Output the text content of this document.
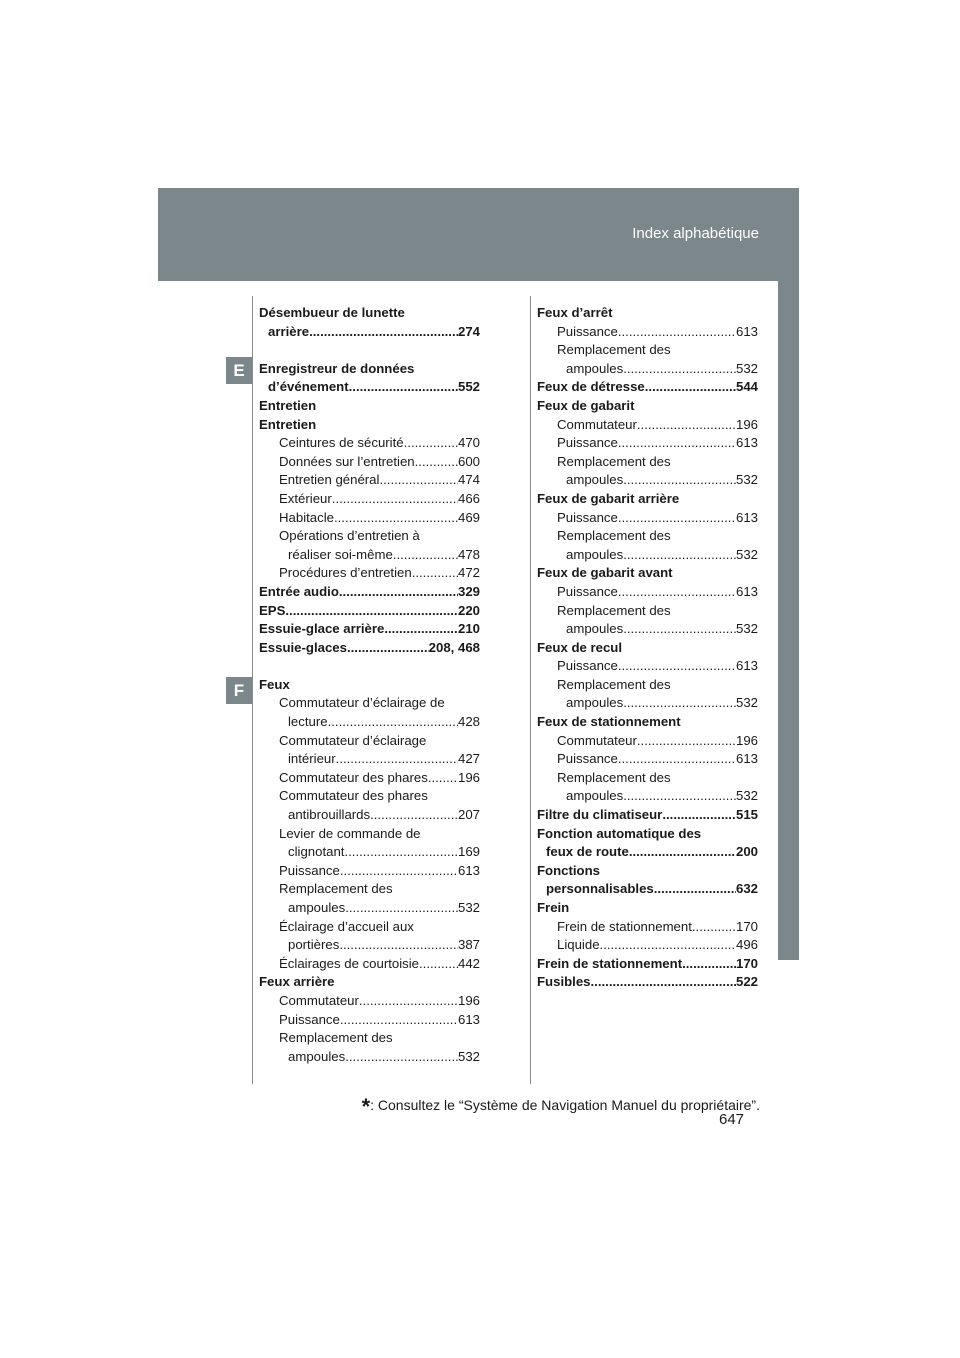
Index alphabétique
E
F
Désembueur de lunette
arrière .....	274
Enregistreur de données
d’événement .....	552
Entretien
Entretien
Ceintures de sécurité .....	470
Données sur l’entretien .....	600
Entretien général .....	474
Extérieur .....	466
Habitacle .....	469
Opérations d’entretien à
réaliser soi-même .....	478
Procédures d’entretien .....	472
Entrée audio .....	329
EPS .....	220
Essuie-glace arrière .....	210
Essuie-glaces .....	208, 468
Feux
Commutateur d’éclairage de
lecture .....	428
Commutateur d’éclairage
intérieur .....	427
Commutateur des phares ..... 196
Commutateur des phares
antibrouillards .....	207
Levier de commande de
clignotant .....	169
Puissance .....	613
Remplacement des
ampoules .....	532
Éclairage d’accueil aux
portières .....	387
Éclairages de courtoisie .....	442
Feux arrière
Commutateur .....	196
Puissance .....	613
Remplacement des
ampoules .....	532
Feux d’arrêt
Puissance .....	613
Remplacement des
ampoules .....	532
Feux de détresse .....	544
Feux de gabarit
Commutateur .....	196
Puissance .....	613
Remplacement des
ampoules .....	532
Feux de gabarit arrière
Puissance .....	613
Remplacement des
ampoules .....	532
Feux de gabarit avant
Puissance .....	613
Remplacement des
ampoules .....	532
Feux de recul
Puissance .....	613
Remplacement des
ampoules .....	532
Feux de stationnement
Commutateur .....	196
Puissance .....	613
Remplacement des
ampoules .....	532
Filtre du climatiseur .....	515
Fonction automatique des
feux de route .....	200
Fonctions
personnalisables .....	632
Frein
Frein de stationnement .....	170
Liquide .....	496
Frein de stationnement .....	170
Fusibles .....	522
*: Consultez le “Système de Navigation Manuel du propriétaire”.
647
